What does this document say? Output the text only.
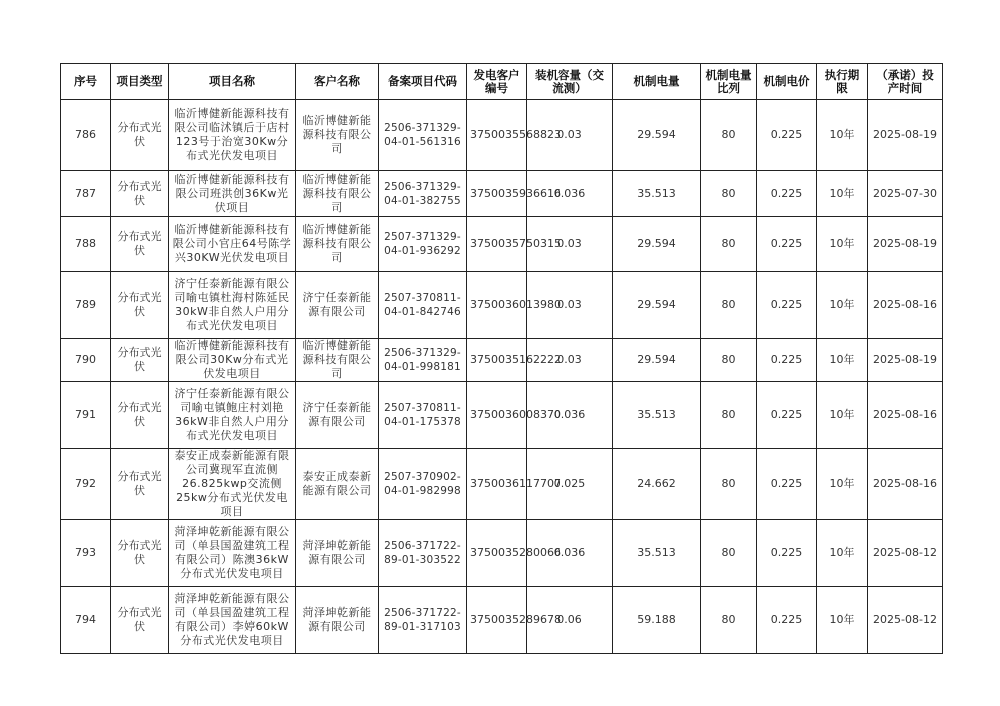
序号	项目类型	项目名称	客户名称	备案项目代码	发电客户编号	装机容量（交流测）	机制电量	机制电量比列	机制电价	执行期限	（承诺）投产时间
786	分布式光伏	临沂博健新能源科技有限公司临沭镇后于店村123号于治宽30Kw分布式光伏发电项目	临沂博健新能源科技有限公司	2506-371329-04-01-561316	3750035568823	0.03	29.594	80	0.225	10年	2025-08-19
787	分布式光伏	临沂博健新能源科技有限公司班洪创36Kw光伏项目	临沂博健新能源科技有限公司	2506-371329-04-01-382755	3750035936616	0.036	35.513	80	0.225	10年	2025-07-30
788	分布式光伏	临沂博健新能源科技有限公司小官庄64号陈学兴30KW光伏发电项目	临沂博健新能源科技有限公司	2507-371329-04-01-936292	3750035750315	0.03	29.594	80	0.225	10年	2025-08-19
789	分布式光伏	济宁任泰新能源有限公司喻屯镇杜海村陈延民30kW非自然人户用分布式光伏发电项目	济宁任泰新能源有限公司	2507-370811-04-01-842746	3750036013980	0.03	29.594	80	0.225	10年	2025-08-16
790	分布式光伏	临沂博健新能源科技有限公司30Kw分布式光伏发电项目	临沂博健新能源科技有限公司	2506-371329-04-01-998181	3750035162222	0.03	29.594	80	0.225	10年	2025-08-19
791	分布式光伏	济宁任泰新能源有限公司喻屯镇鲍庄村刘艳36kW非自然人户用分布式光伏发电项目	济宁任泰新能源有限公司	2507-370811-04-01-175378	3750036008370	0.036	35.513	80	0.225	10年	2025-08-16
792	分布式光伏	泰安正成泰新能源有限公司冀现军直流侧26.825kwp交流侧25kw分布式光伏发电项目	泰安正成泰新能源有限公司	2507-370902-04-01-982998	3750036117707	0.025	24.662	80	0.225	10年	2025-08-16
793	分布式光伏	菏泽坤乾新能源有限公司（单县国盈建筑工程有限公司）陈澳36kW分布式光伏发电项目	菏泽坤乾新能源有限公司	2506-371722-89-01-303522	3750035280066	0.036	35.513	80	0.225	10年	2025-08-12
794	分布式光伏	菏泽坤乾新能源有限公司（单县国盈建筑工程有限公司）李婷60kW分布式光伏发电项目	菏泽坤乾新能源有限公司	2506-371722-89-01-317103	3750035289678	0.06	59.188	80	0.225	10年	2025-08-12
